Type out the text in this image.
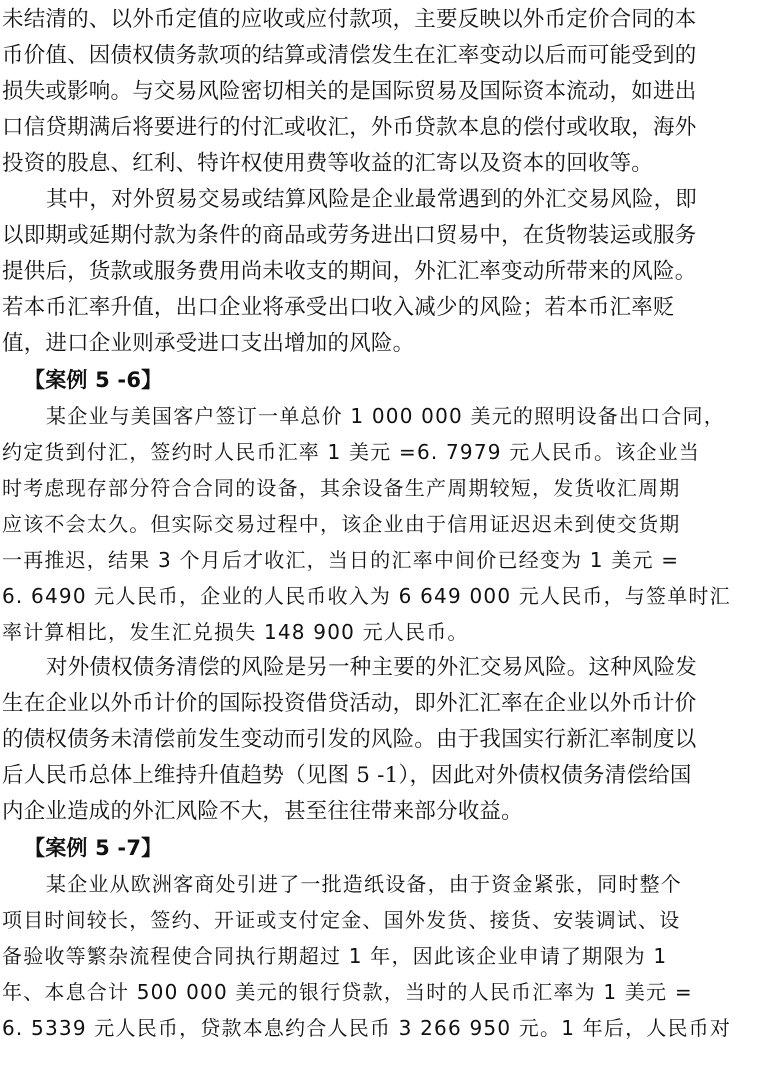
未结清的、以外币定值的应收或应付款项，主要反映以外币定价合同的本
币价值、因债权债务款项的结算或清偿发生在汇率变动以后而可能受到的
损失或影响。与交易风险密切相关的是国际贸易及国际资本流动，如进出
口信贷期满后将要进行的付汇或收汇，外币贷款本息的偿付或收取，海外
投资的股息、红利、特许权使用费等收益的汇寄以及资本的回收等。
其中，对外贸易交易或结算风险是企业最常遇到的外汇交易风险，即
以即期或延期付款为条件的商品或劳务进出口贸易中，在货物装运或服务
提供后，货款或服务费用尚未收支的期间，外汇汇率变动所带来的风险。
若本币汇率升值，出口企业将承受出口收入减少的风险；若本币汇率贬
值，进口企业则承受进口支出增加的风险。
【案例 5 -6】
某企业与美国客户签订一单总价 1 000 000 美元的照明设备出口合同，
约定货到付汇，签约时人民币汇率 1 美元 =6. 7979 元人民币。该企业当
时考虑现存部分符合合同的设备，其余设备生产周期较短，发货收汇周期
应该不会太久。但实际交易过程中，该企业由于信用证迟迟未到使交货期
一再推迟，结果 3 个月后才收汇，当日的汇率中间价已经变为 1 美元 =
6. 6490 元人民币，企业的人民币收入为 6 649 000 元人民币，与签单时汇
率计算相比，发生汇兑损失 148 900 元人民币。
对外债权债务清偿的风险是另一种主要的外汇交易风险。这种风险发
生在企业以外币计价的国际投资借贷活动，即外汇汇率在企业以外币计价
的债权债务未清偿前发生变动而引发的风险。由于我国实行新汇率制度以
后人民币总体上维持升值趋势（见图 5 -1），因此对外债权债务清偿给国
内企业造成的外汇风险不大，甚至往往带来部分收益。
【案例 5 -7】
某企业从欧洲客商处引进了一批造纸设备，由于资金紧张，同时整个
项目时间较长，签约、开证或支付定金、国外发货、接货、安装调试、设
备验收等繁杂流程使合同执行期超过 1 年，因此该企业申请了期限为 1
年、本息合计 500 000 美元的银行贷款，当时的人民币汇率为 1 美元 =
6. 5339 元人民币，贷款本息约合人民币 3 266 950 元。1 年后，人民币对
